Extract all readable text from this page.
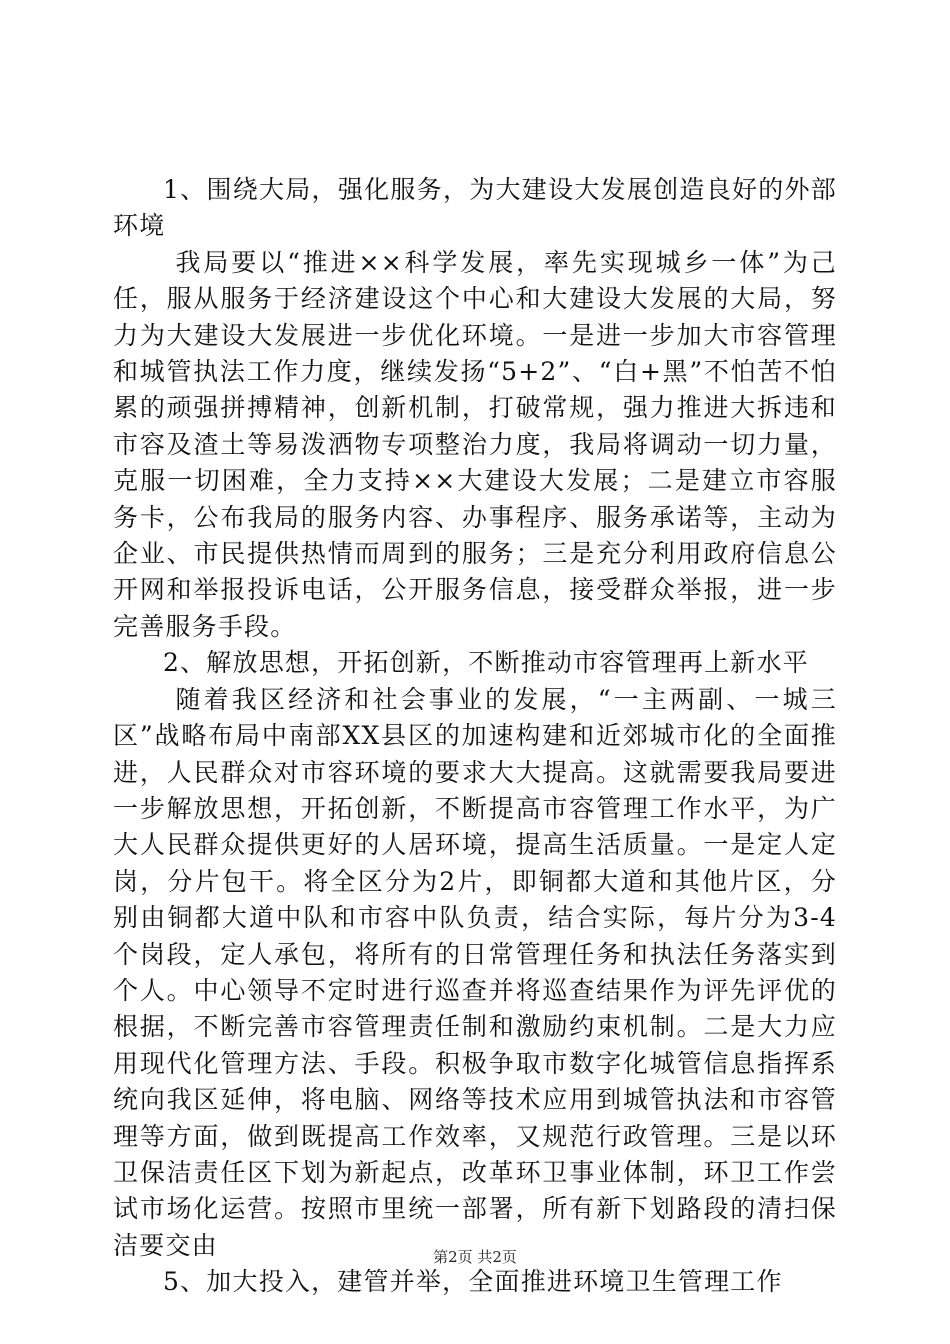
1、围绕大局，强化服务，为大建设大发展创造良好的外部环境

我局要以“推进××科学发展，率先实现城乡一体”为己任，服从服务于经济建设这个中心和大建设大发展的大局，努力为大建设大发展进一步优化环境。一是进一步加大市容管理和城管执法工作力度，继续发扬“5+2”、“白+黑”不怕苦不怕累的顽强拼搏精神，创新机制，打破常规，强力推进大拆违和市容及渣土等易泼洒物专项整治力度，我局将调动一切力量，克服一切困难，全力支持××大建设大发展；二是建立市容服务卡，公布我局的服务内容、办事程序、服务承诺等，主动为企业、市民提供热情而周到的服务；三是充分利用政府信息公开网和举报投诉电话，公开服务信息，接受群众举报，进一步完善服务手段。

2、解放思想，开拓创新，不断推动市容管理再上新水平

随着我区经济和社会事业的发展，“一主两副、一城三区”战略布局中南部XX县区的加速构建和近郊城市化的全面推进，人民群众对市容环境的要求大大提高。这就需要我局要进一步解放思想，开拓创新，不断提高市容管理工作水平，为广大人民群众提供更好的人居环境，提高生活质量。一是定人定岗，分片包干。将全区分为2片，即铜都大道和其他片区，分别由铜都大道中队和市容中队负责，结合实际，每片分为3-4个岗段，定人承包，将所有的日常管理任务和执法任务落实到个人。中心领导不定时进行巡查并将巡查结果作为评先评优的根据，不断完善市容管理责任制和激励约束机制。二是大力应用现代化管理方法、手段。积极争取市数字化城管信息指挥系统向我区延伸，将电脑、网络等技术应用到城管执法和市容管理等方面，做到既提高工作效率，又规范行政管理。三是以环卫保洁责任区下划为新起点，改革环卫事业体制，环卫工作尝试市场化运营。按照市里统一部署，所有新下划路段的清扫保洁要交由

5、加大投入，建管并举，全面推进环境卫生管理工作

第2页 共2页
